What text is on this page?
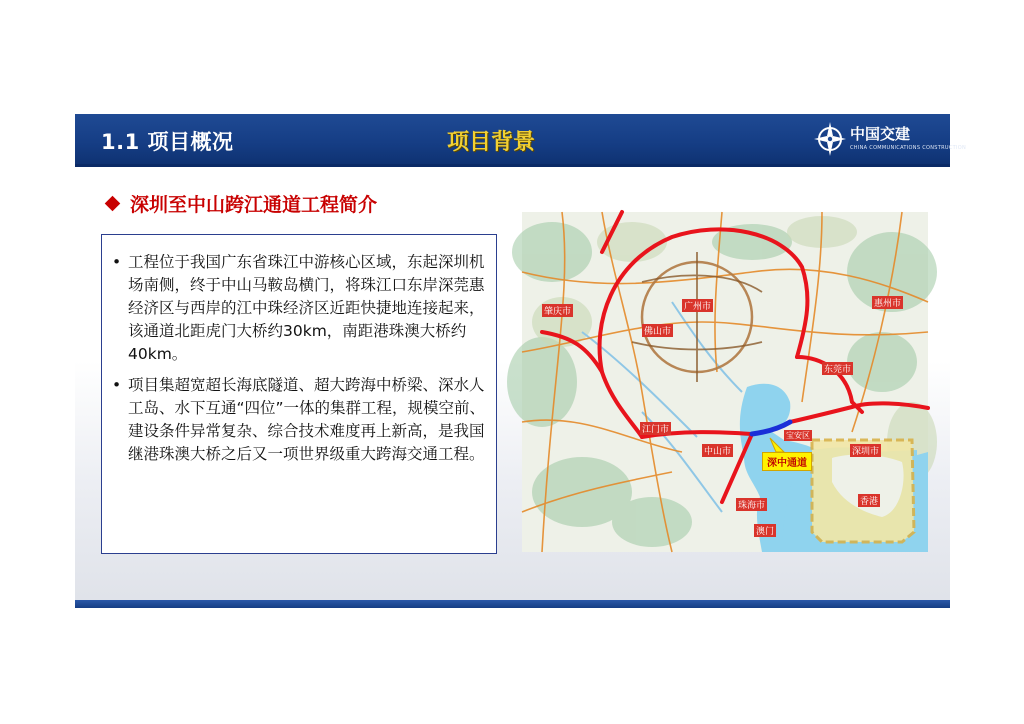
1.1 项目概况	项目背景	中国交建
CHINA COMMUNICATIONS CONSTRUCTION
深圳至中山跨江通道工程简介
• 工程位于我国广东省珠江中游核心区域，东起深圳机场南侧，终于中山马鞍岛横门，将珠江口东岸深莞惠经济区与西岸的江中珠经济区近距快捷地连接起来，该通道北距虎门大桥约30km，南距港珠澳大桥约40km。
• 项目集超宽超长海底隧道、超大跨海中桥梁、深水人工岛、水下互通“四位”一体的集群工程，规模空前、建设条件异常复杂、综合技术难度再上新高，是我国继港珠澳大桥之后又一项世界级重大跨海交通工程。
广州市
佛山市
肇庆市
东莞市
惠州市
江门市
中山市
宝安区
深圳市
珠海市
澳门
香港
深中通道
